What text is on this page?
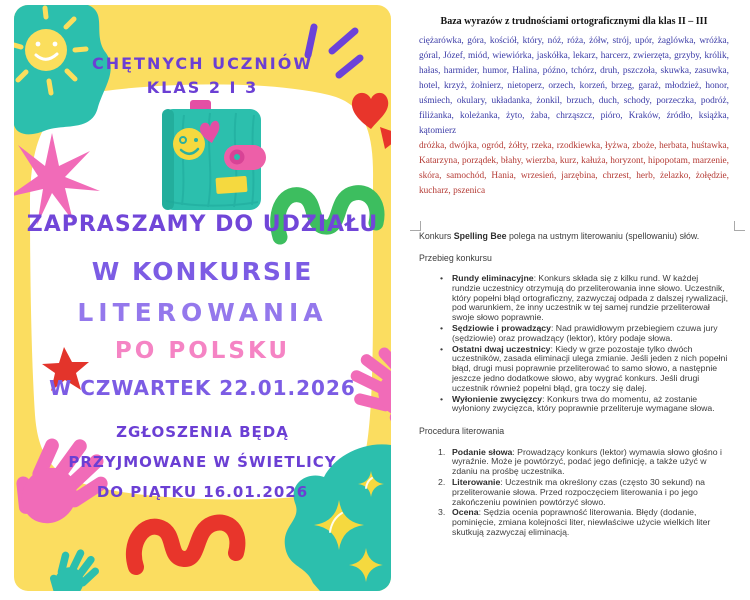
CHĘTNYCH UCZNIÓW
KLAS 2 I 3
ZAPRASZAMY DO UDZIAŁU
W KONKURSIE
LITEROWANIA
PO POLSKU
W CZWARTEK 22.01.2026
ZGŁOSZENIA BĘDĄ
PRZYJMOWANE W ŚWIETLICY
DO PIĄTKU 16.01.2026
Baza wyrazów z trudnościami ortograficznymi dla klas II – III

ciężarówka, góra, kościół, który, nóż, róża, żółw, strój, upór, żaglówka, wróżka, góral, Józef, miód, wiewiórka, jaskółka, lekarz, harcerz, zwierzęta, grzyby, królik, hałas, harmider, humor, Halina, późno, tchórz, druh, pszczoła, skuwka, zasuwka, hotel, krzyż, żołnierz, nietoperz, orzech, korzeń, brzeg, garaż, młodzież, honor, uśmiech, okulary, układanka, żonkil, brzuch, duch, schody, porzeczka, podróż, filiżanka, koleżanka, żyto, żaba, chrząszcz, pióro, Kraków, źródło, książka, kątomierz

dróżka, dwójka, ogród, żółty, rzeka, rzodkiewka, łyżwa, zboże, herbata, huśtawka, Katarzyna, porządek, błahy, wierzba, kurz, kałuża, horyzont, hipopotam, marzenie, skóra, samochód, Hania, wrzesień, jarzębina, chrzest, herb, żelazko, żołędzie, kucharz, pszenica

Konkurs Spelling Bee polega na ustnym literowaniu (spellowaniu) słów.

Przebieg konkursu

• Rundy eliminacyjne: Konkurs składa się z kilku rund. W każdej rundzie uczestnicy otrzymują do przeliterowania inne słowo. Uczestnik, który popełni błąd ortograficzny, zazwyczaj odpada z dalszej rywalizacji, pod warunkiem, że inny uczestnik w tej samej rundzie przeliterował swoje słowo poprawnie.
• Sędziowie i prowadzący: Nad prawidłowym przebiegiem czuwa jury (sędziowie) oraz prowadzący (lektor), który podaje słowa.
• Ostatni dwaj uczestnicy: Kiedy w grze pozostaje tylko dwóch uczestników, zasada eliminacji ulega zmianie. Jeśli jeden z nich popełni błąd, drugi musi poprawnie przeliterować to samo słowo, a następnie jeszcze jedno dodatkowe słowo, aby wygrać konkurs. Jeśli drugi uczestnik również popełni błąd, gra toczy się dalej.
• Wyłonienie zwycięzcy: Konkurs trwa do momentu, aż zostanie wyłoniony zwycięzca, który poprawnie przeliteruje wymagane słowa.

Procedura literowania

Podanie słowa: Prowadzący konkurs (lektor) wymawia słowo głośno i wyraźnie. Może je powtórzyć, podać jego definicję, a także użyć w zdaniu na prośbę uczestnika.
Literowanie: Uczestnik ma określony czas (często 30 sekund) na przeliterowanie słowa. Przed rozpoczęciem literowania i po jego zakończeniu powinien powtórzyć słowo.
Ocena: Sędzia ocenia poprawność literowania. Błędy (dodanie, pominięcie, zmiana kolejności liter, niewłaściwe użycie wielkich liter skutkują zazwyczaj eliminacją.
